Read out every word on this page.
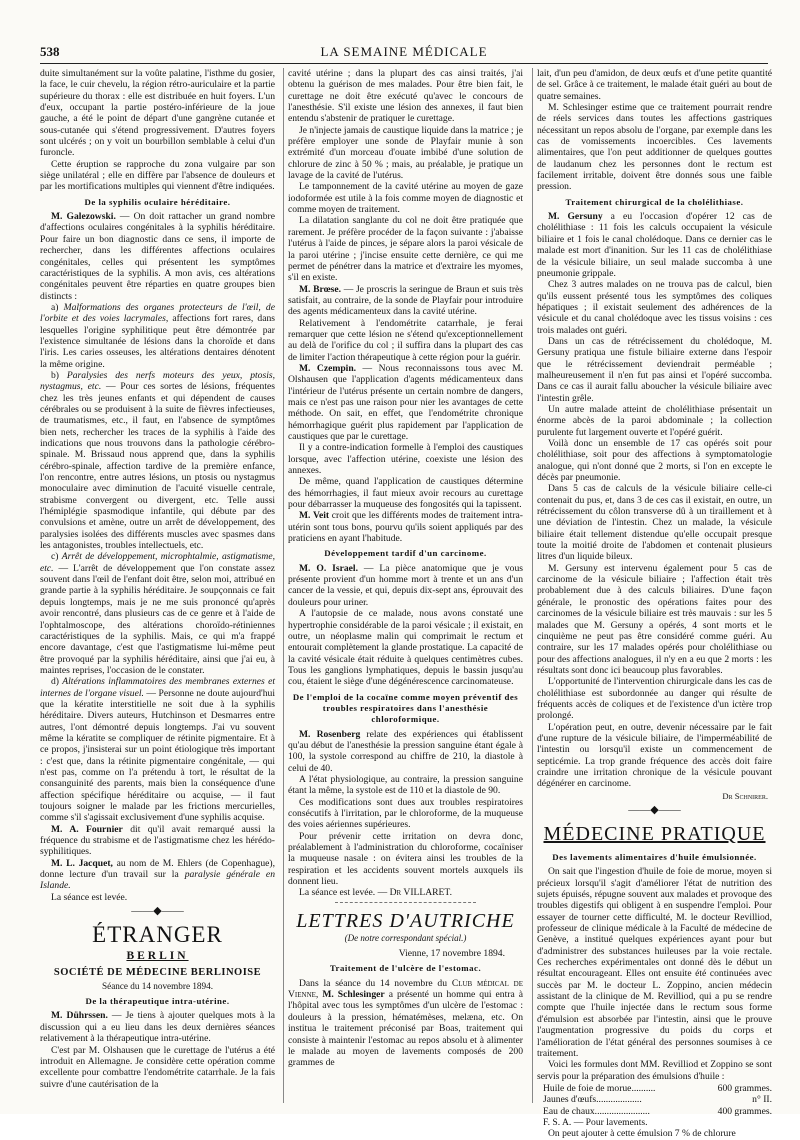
538	LA SEMAINE MÉDICALE

duite simultanément sur la voûte palatine, l'isthme du gosier, la face, le cuir chevelu, la région rétro-auriculaire et la partie supérieure du thorax : elle est distribuée en huit foyers. L'un d'eux, occupant la partie postéro-inférieure de la joue gauche, a été le point de départ d'une gangrène cutanée et sous-cutanée qui s'étend progressivement. D'autres foyers sont ulcérés ; on y voit un bourbillon semblable à celui d'un furoncle.

Cette éruption se rapproche du zona vulgaire par son siège unilatéral ; elle en diffère par l'absence de douleurs et par les mortifications multiples qui viennent d'être indiquées.

De la syphilis oculaire héréditaire.

M. Galezowski. — On doit rattacher un grand nombre d'affections oculaires congénitales à la syphilis héréditaire. Pour faire un bon diagnostic dans ce sens, il importe de rechercher, dans les différentes affections oculaires congénitales, celles qui présentent les symptômes caractéristiques de la syphilis. A mon avis, ces altérations congénitales peuvent être réparties en quatre groupes bien distincts :

a) Malformations des organes protecteurs de l'œil, de l'orbite et des voies lacrymales, affections fort rares, dans lesquelles l'origine syphilitique peut être démontrée par l'existence simultanée de lésions dans la choroïde et dans l'iris. Les caries osseuses, les altérations dentaires dénotent la même origine.

b) Paralysies des nerfs moteurs des yeux, ptosis, nystagmus, etc. — Pour ces sortes de lésions, fréquentes chez les très jeunes enfants et qui dépendent de causes cérébrales ou se produisent à la suite de fièvres infectieuses, de traumatismes, etc., il faut, en l'absence de symptômes bien nets, rechercher les traces de la syphilis à l'aide des indications que nous trouvons dans la pathologie cérébro-spinale. M. Brissaud nous apprend que, dans la syphilis cérébro-spinale, affection tardive de la première enfance, l'on rencontre, entre autres lésions, un ptosis ou nystagmus monoculaire avec diminution de l'acuité visuelle centrale, strabisme convergent ou divergent, etc. Telle aussi l'hémiplégie spasmodique infantile, qui débute par des convulsions et amène, outre un arrêt de développement, des paralysies isolées des différents muscles avec spasmes dans les antagonistes, troubles intellectuels, etc.

c) Arrêt de développement, microphtalmie, astigmatisme, etc. — L'arrêt de développement que l'on constate assez souvent dans l'œil de l'enfant doit être, selon moi, attribué en grande partie à la syphilis héréditaire. Je soupçonnais ce fait depuis longtemps, mais je ne me suis prononcé qu'après avoir rencontré, dans plusieurs cas de ce genre et à l'aide de l'ophtalmoscope, des altérations choroïdo-rétiniennes caractéristiques de la syphilis. Mais, ce qui m'a frappé encore davantage, c'est que l'astigmatisme lui-même peut être provoqué par la syphilis héréditaire, ainsi que j'ai eu, à maintes reprises, l'occasion de le constater.

d) Altérations inflammatoires des membranes externes et internes de l'organe visuel. — Personne ne doute aujourd'hui que la kératite interstitielle ne soit due à la syphilis héréditaire. Divers auteurs, Hutchinson et Desmarres entre autres, l'ont démontré depuis longtemps. J'ai vu souvent même la kératite se compliquer de rétinite pigmentaire. Et à ce propos, j'insisterai sur un point étiologique très important : c'est que, dans la rétinite pigmentaire congénitale, — qui n'est pas, comme on l'a prétendu à tort, le résultat de la consanguinité des parents, mais bien la conséquence d'une affection spécifique héréditaire ou acquise, — il faut toujours soigner le malade par les frictions mercurielles, comme s'il s'agissait exclusivement d'une syphilis acquise.

M. A. Fournier dit qu'il avait remarqué aussi la fréquence du strabisme et de l'astigmatisme chez les hérédo-syphilitiques.

M. L. Jacquet, au nom de M. Ehlers (de Copenhague), donne lecture d'un travail sur la paralysie générale en Islande.

La séance est levée.

——◆——
ÉTRANGER
BERLIN
SOCIÉTÉ DE MÉDECINE BERLINOISE
Séance du 14 novembre 1894.
De la thérapeutique intra-utérine.

M. Dührssen. — Je tiens à ajouter quelques mots à la discussion qui a eu lieu dans les deux dernières séances relativement à la thérapeutique intra-utérine.

C'est par M. Olshausen que le curettage de l'utérus a été introduit en Allemagne. Je considère cette opération comme excellente pour combattre l'endométrite catarrhale. Je la fais suivre d'une cautérisation de la

cavité utérine ; dans la plupart des cas ainsi traités, j'ai obtenu la guérison de mes malades. Pour être bien fait, le curettage ne doit être exécuté qu'avec le concours de l'anesthésie. S'il existe une lésion des annexes, il faut bien entendu s'abstenir de pratiquer le curettage.

Je n'injecte jamais de caustique liquide dans la matrice ; je préfère employer une sonde de Playfair munie à son extrémité d'un morceau d'ouate imbibé d'une solution de chlorure de zinc à 50 % ; mais, au préalable, je pratique un lavage de la cavité de l'utérus.

Le tamponnement de la cavité utérine au moyen de gaze iodoformée est utile à la fois comme moyen de diagnostic et comme moyen de traitement.

La dilatation sanglante du col ne doit être pratiquée que rarement. Je préfère procéder de la façon suivante : j'abaisse l'utérus à l'aide de pinces, je sépare alors la paroi vésicale de la paroi utérine ; j'incise ensuite cette dernière, ce qui me permet de pénétrer dans la matrice et d'extraire les myomes, s'il en existe.

M. Brœse. — Je proscris la seringue de Braun et suis très satisfait, au contraire, de la sonde de Playfair pour introduire des agents médicamenteux dans la cavité utérine.

Relativement à l'endométrite catarrhale, je ferai remarquer que cette lésion ne s'étend qu'exceptionnellement au delà de l'orifice du col ; il suffira dans la plupart des cas de limiter l'action thérapeutique à cette région pour la guérir.

M. Czempin. — Nous reconnaissons tous avec M. Olshausen que l'application d'agents médicamenteux dans l'intérieur de l'utérus présente un certain nombre de dangers, mais ce n'est pas une raison pour nier les avantages de cette méthode. On sait, en effet, que l'endométrite chronique hémorrhagique guérit plus rapidement par l'application de caustiques que par le curettage.

Il y a contre-indication formelle à l'emploi des caustiques lorsque, avec l'affection utérine, coexiste une lésion des annexes.

De même, quand l'application de caustiques détermine des hémorrhagies, il faut mieux avoir recours au curettage pour débarrasser la muqueuse des fongosités qui la tapissent.

M. Veit croit que les différents modes de traitement intra-utérin sont tous bons, pourvu qu'ils soient appliqués par des praticiens en ayant l'habitude.

Développement tardif d'un carcinome.

M. O. Israel. — La pièce anatomique que je vous présente provient d'un homme mort à trente et un ans d'un cancer de la vessie, et qui, depuis dix-sept ans, éprouvait des douleurs pour uriner.

A l'autopsie de ce malade, nous avons constaté une hypertrophie considérable de la paroi vésicale ; il existait, en outre, un néoplasme malin qui comprimait le rectum et entourait complètement la glande prostatique. La capacité de la cavité vésicale était réduite à quelques centimètres cubes. Tous les ganglions lymphatiques, depuis le bassin jusqu'au cou, étaient le siège d'une dégénérescence carcinomateuse.

De l'emploi de la cocaïne comme moyen préventif des troubles respiratoires dans l'anesthésie chloroformique.

M. Rosenberg relate des expériences qui établissent qu'au début de l'anesthésie la pression sanguine étant égale à 100, la systole correspond au chiffre de 210, la diastole à celui de 40.

A l'état physiologique, au contraire, la pression sanguine étant la même, la systole est de 110 et la diastole de 90.

Ces modifications sont dues aux troubles respiratoires consécutifs à l'irritation, par le chloroforme, de la muqueuse des voies aériennes supérieures.

Pour prévenir cette irritation on devra donc, préalablement à l'administration du chloroforme, cocaïniser la muqueuse nasale : on évitera ainsi les troubles de la respiration et les accidents souvent mortels auxquels ils donnent lieu.

La séance est levée. — Dr VILLARET.

LETTRES D'AUTRICHE
(De notre correspondant spécial.)
Vienne, 17 novembre 1894.
Traitement de l'ulcère de l'estomac.

Dans la séance du 14 novembre du Club médical de Vienne, M. Schlesinger a présenté un homme qui entra à l'hôpital avec tous les symptômes d'un ulcère de l'estomac : douleurs à la pression, hématémèses, melæna, etc. On institua le traitement préconisé par Boas, traitement qui consiste à maintenir l'estomac au repos absolu et à alimenter le malade au moyen de lavements composés de 200 grammes de

lait, d'un peu d'amidon, de deux œufs et d'une petite quantité de sel. Grâce à ce traitement, le malade était guéri au bout de quatre semaines.

M. Schlesinger estime que ce traitement pourrait rendre de réels services dans toutes les affections gastriques nécessitant un repos absolu de l'organe, par exemple dans les cas de vomissements incoercibles. Ces lavements alimentaires, que l'on peut additionner de quelques gouttes de laudanum chez les personnes dont le rectum est facilement irritable, doivent être donnés sous une faible pression.

Traitement chirurgical de la cholélithiase.

M. Gersuny a eu l'occasion d'opérer 12 cas de cholélithiase : 11 fois les calculs occupaient la vésicule biliaire et 1 fois le canal cholédoque. Dans ce dernier cas le malade est mort d'inanition. Sur les 11 cas de cholélithiase de la vésicule biliaire, un seul malade succomba à une pneumonie grippale.

Chez 3 autres malades on ne trouva pas de calcul, bien qu'ils eussent présenté tous les symptômes des coliques hépatiques ; il existait seulement des adhérences de la vésicule et du canal cholédoque avec les tissus voisins : ces trois malades ont guéri.

Dans un cas de rétrécissement du cholédoque, M. Gersuny pratiqua une fistule biliaire externe dans l'espoir que le rétrécissement deviendrait perméable ; malheureusement il n'en fut pas ainsi et l'opéré succomba. Dans ce cas il aurait fallu aboucher la vésicule biliaire avec l'intestin grêle.

Un autre malade atteint de cholélithiase présentait un énorme abcès de la paroi abdominale ; la collection purulente fut largement ouverte et l'opéré guérit.

Voilà donc un ensemble de 17 cas opérés soit pour cholélithiase, soit pour des affections à symptomatologie analogue, qui n'ont donné que 2 morts, si l'on en excepte le décès par pneumonie.

Dans 5 cas de calculs de la vésicule biliaire celle-ci contenait du pus, et, dans 3 de ces cas il existait, en outre, un rétrécissement du côlon transverse dû à un tiraillement et à une déviation de l'intestin. Chez un malade, la vésicule biliaire était tellement distendue qu'elle occupait presque toute la moitié droite de l'abdomen et contenait plusieurs litres d'un liquide bileux.

M. Gersuny est intervenu également pour 5 cas de carcinome de la vésicule biliaire ; l'affection était très probablement due à des calculs biliaires. D'une façon générale, le pronostic des opérations faites pour des carcinomes de la vésicule biliaire est très mauvais : sur les 5 malades que M. Gersuny a opérés, 4 sont morts et le cinquième ne peut pas être considéré comme guéri. Au contraire, sur les 17 malades opérés pour cholélithiase ou pour des affections analogues, il n'y en a eu que 2 morts : les résultats sont donc ici beaucoup plus favorables.

L'opportunité de l'intervention chirurgicale dans les cas de cholélithiase est subordonnée au danger qui résulte de fréquents accès de coliques et de l'existence d'un ictère trop prolongé.

L'opération peut, en outre, devenir nécessaire par le fait d'une rupture de la vésicule biliaire, de l'imperméabilité de l'intestin ou lorsqu'il existe un commencement de septicémie. La trop grande fréquence des accès doit faire craindre une irritation chronique de la vésicule pouvant dégénérer en carcinome.

Dr Schnirer.
——◆——
MÉDECINE PRATIQUE
Des lavements alimentaires d'huile émulsionnée.

On sait que l'ingestion d'huile de foie de morue, moyen si précieux lorsqu'il s'agit d'améliorer l'état de nutrition des sujets épuisés, répugne souvent aux malades et provoque des troubles digestifs qui obligent à en suspendre l'emploi. Pour essayer de tourner cette difficulté, M. le docteur Revilliod, professeur de clinique médicale à la Faculté de médecine de Genève, a institué quelques expériences ayant pour but d'administrer des substances huileuses par la voie rectale. Ces recherches expérimentales ont donné dès le début un résultat encourageant. Elles ont ensuite été continuées avec succès par M. le docteur L. Zoppino, ancien médecin assistant de la clinique de M. Revilliod, qui a pu se rendre compte que l'huile injectée dans le rectum sous forme d'émulsion est absorbée par l'intestin, ainsi que le prouve l'augmentation progressive du poids du corps et l'amélioration de l'état général des personnes soumises à ce traitement.

Voici les formules dont MM. Revilliod et Zoppino se sont servis pour la préparation des émulsions d'huile :

Huile de foie de morue..........	600 grammes.
Jaunes d'œufs...................	n° II.
Eau de chaux.......................	400 grammes.
F. S. A. — Pour lavements.

On peut ajouter à cette émulsion 7 % de chlorure
